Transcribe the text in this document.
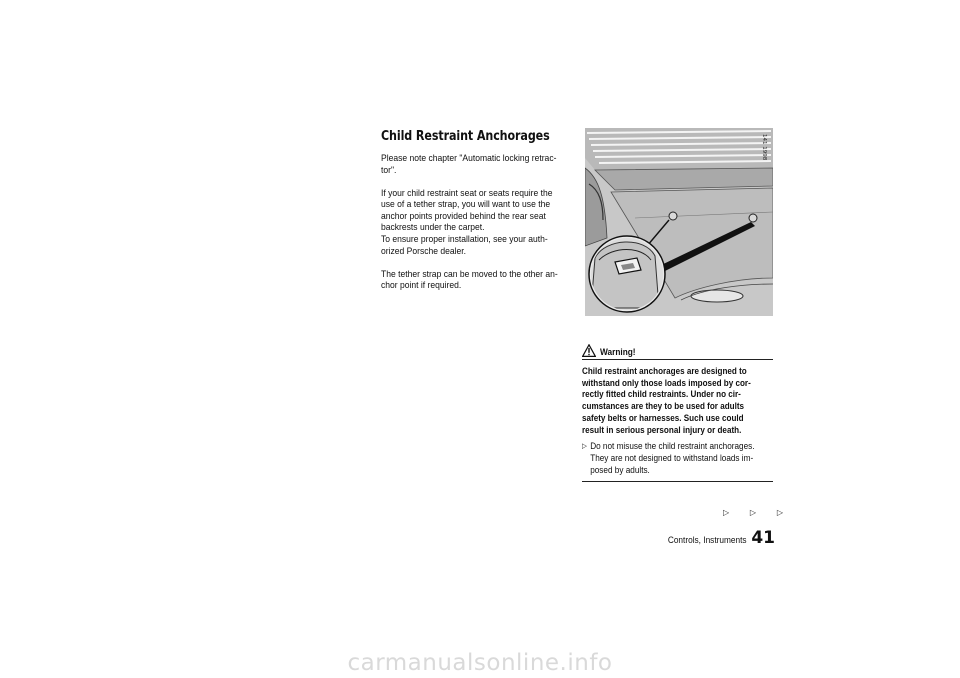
Child Restraint Anchorages

Please note chapter "Automatic locking retrac-
tor".

If your child restraint seat or seats require the
use of a tether strap, you will want to use the
anchor points provided behind the rear seat
backrests under the carpet.
To ensure proper installation, see your auth-
orized Porsche dealer.

The tether strap can be moved to the other an-
chor point if required.

141 1998
Warning!
Child restraint anchorages are designed to
withstand only those loads imposed by cor-
rectly fitted child restraints. Under no cir-
cumstances are they to be used for adults
safety belts or harnesses. Such use could
result in serious personal injury or death.
▷ Do not misuse the child restraint anchorages.
They are not designed to withstand loads im-
posed by adults.
▷	▷	▷
Controls, Instruments 41
carmanualsonline.info
